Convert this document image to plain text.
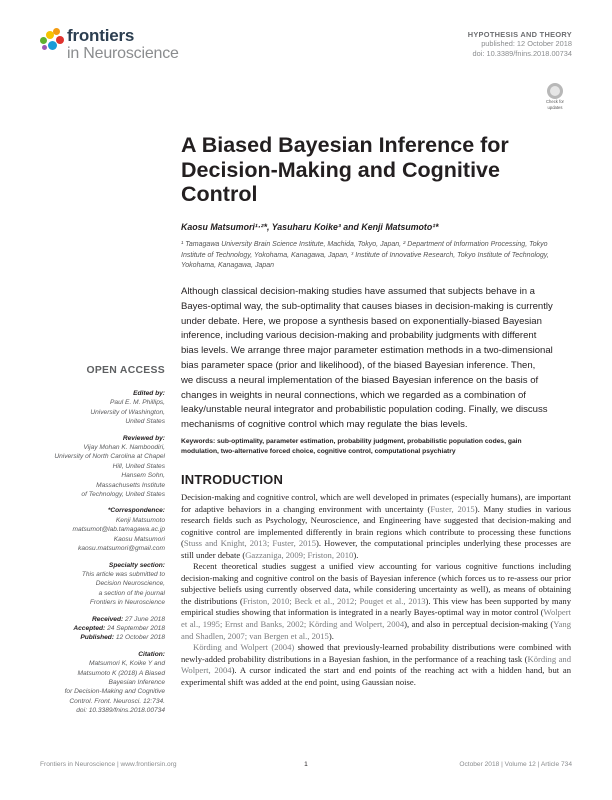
frontiers
in Neuroscience
HYPOTHESIS AND THEORY
published: 12 October 2018
doi: 10.3389/fnins.2018.00734
Check for
updates
A Biased Bayesian Inference for
Decision-Making and Cognitive
Control
Kaosu Matsumori¹·²*, Yasuharu Koike³ and Kenji Matsumoto¹*
¹ Tamagawa University Brain Science Institute, Machida, Tokyo, Japan, ² Department of Information Processing, Tokyo
Institute of Technology, Yokohama, Kanagawa, Japan, ³ Institute of Innovative Research, Tokyo Institute of Technology,
Yokohama, Kanagawa, Japan
Although classical decision-making studies have assumed that subjects behave in a
Bayes-optimal way, the sub-optimality that causes biases in decision-making is currently
under debate. Here, we propose a synthesis based on exponentially-biased Bayesian
inference, including various decision-making and probability judgments with different
bias levels. We arrange three major parameter estimation methods in a two-dimensional
bias parameter space (prior and likelihood), of the biased Bayesian inference. Then,
we discuss a neural implementation of the biased Bayesian inference on the basis of
changes in weights in neural connections, which we regarded as a combination of
leaky/unstable neural integrator and probabilistic population coding. Finally, we discuss
mechanisms of cognitive control which may regulate the bias levels.
Keywords: sub-optimality, parameter estimation, probability judgment, probabilistic population codes, gain
modulation, two-alternative forced choice, cognitive control, computational psychiatry
INTRODUCTION

Decision-making and cognitive control, which are well developed in primates (especially humans), are important for adaptive behaviors in a changing environment with uncertainty (Fuster, 2015). Many studies in various research fields such as Psychology, Neuroscience, and Engineering have suggested that decision-making and cognitive control are implemented differently in brain regions which contribute to processing these functions (Stuss and Knight, 2013; Fuster, 2015). However, the computational principles underlying these processes are still under debate (Gazzaniga, 2009; Friston, 2010).

Recent theoretical studies suggest a unified view accounting for various cognitive functions including decision-making and cognitive control on the basis of Bayesian inference (which forces us to re-assess our prior subjective beliefs using currently observed data, while considering uncertainty as well), as means of obtaining the distributions (Friston, 2010; Beck et al., 2012; Pouget et al., 2013). This view has been supported by many empirical studies showing that information is integrated in a nearly Bayes-optimal way in motor control (Wolpert et al., 1995; Ernst and Banks, 2002; Körding and Wolpert, 2004), and also in perceptual decision-making (Yang and Shadlen, 2007; van Bergen et al., 2015).

Körding and Wolpert (2004) showed that previously-learned probability distributions were combined with newly-added probability distributions in a Bayesian fashion, in the performance of a reaching task (Körding and Wolpert, 2004). A cursor indicated the start and end points of the reaching act with a hidden hand, but an experimental shift was added at the end point, using Gaussian noise.

OPEN ACCESS
Edited by:
Paul E. M. Phillips,
University of Washington,
United States
Reviewed by:
Vijay Mohan K. Namboodiri,
University of North Carolina at Chapel
Hill, United States
Hansem Sohn,
Massachusetts Institute
of Technology, United States
*Correspondence:
Kenji Matsumoto
matsumot@lab.tamagawa.ac.jp
Kaosu Matsumori
kaosu.matsumori@gmail.com
Specialty section:
This article was submitted to
Decision Neuroscience,
a section of the journal
Frontiers in Neuroscience
Received: 27 June 2018
Accepted: 24 September 2018
Published: 12 October 2018
Citation:
Matsumori K, Koike Y and
Matsumoto K (2018) A Biased
Bayesian Inference
for Decision-Making and Cognitive
Control. Front. Neurosci. 12:734.
doi: 10.3389/fnins.2018.00734
Frontiers in Neuroscience | www.frontiersin.org	1	October 2018 | Volume 12 | Article 734
